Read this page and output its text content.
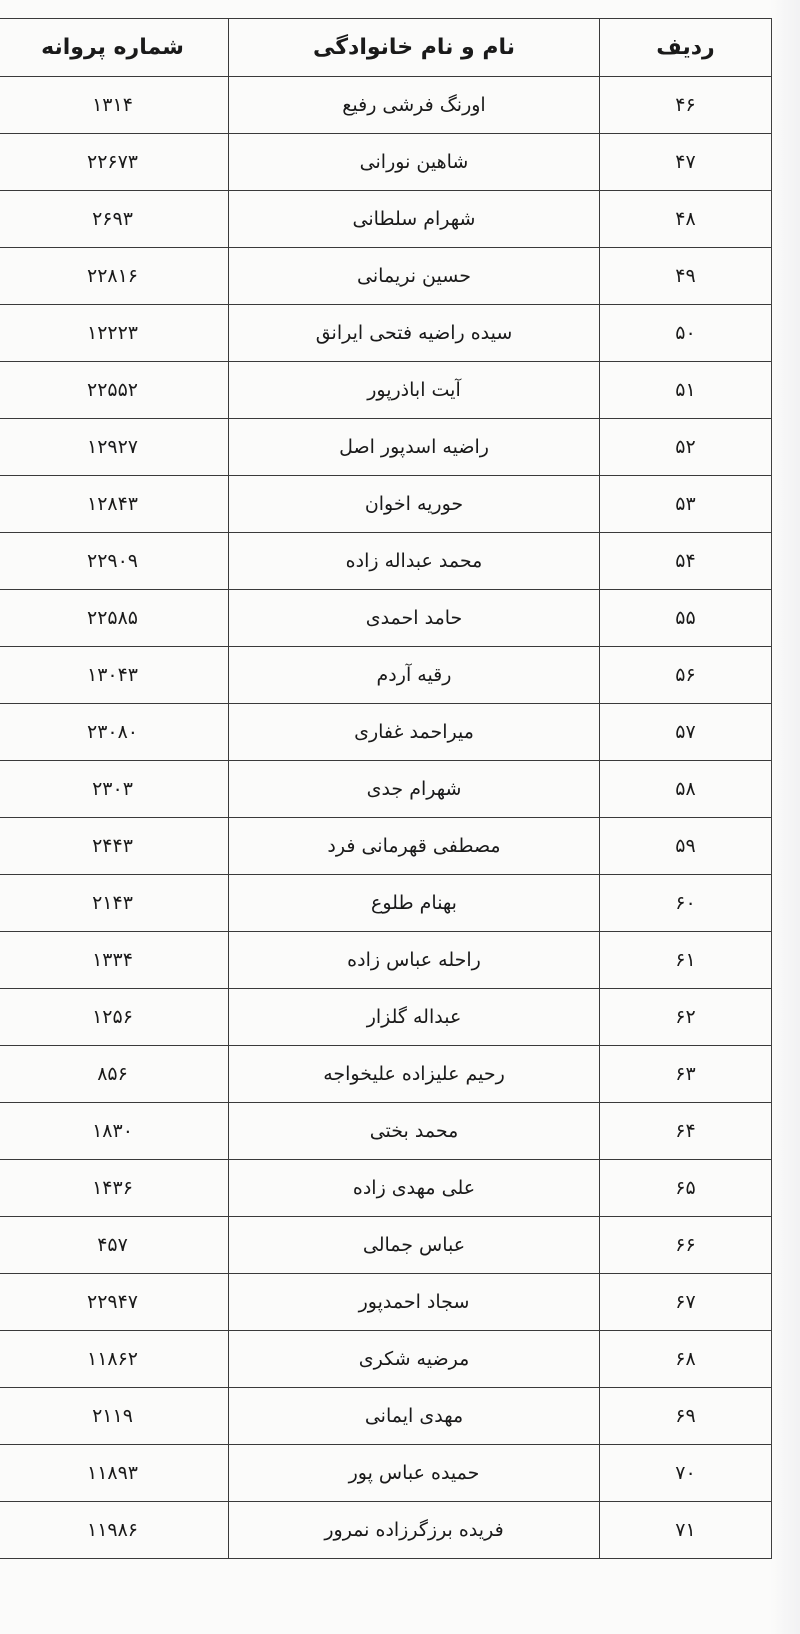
ردیف	نام و نام خانوادگی	شماره پروانه
۴۶	اورنگ فرشی رفیع	۱۳۱۴
۴۷	شاهین نورانی	۲۲۶۷۳
۴۸	شهرام سلطانی	۲۶۹۳
۴۹	حسین نریمانی	۲۲۸۱۶
۵۰	سیده راضیه فتحی ایرانق	۱۲۲۲۳
۵۱	آیت اباذرپور	۲۲۵۵۲
۵۲	راضیه اسدپور اصل	۱۲۹۲۷
۵۳	حوریه اخوان	۱۲۸۴۳
۵۴	محمد عبداله زاده	۲۲۹۰۹
۵۵	حامد احمدی	۲۲۵۸۵
۵۶	رقیه آردم	۱۳۰۴۳
۵۷	میراحمد غفاری	۲۳۰۸۰
۵۸	شهرام جدی	۲۳۰۳
۵۹	مصطفی قهرمانی فرد	۲۴۴۳
۶۰	بهنام طلوع	۲۱۴۳
۶۱	راحله عباس زاده	۱۳۳۴
۶۲	عبداله گلزار	۱۲۵۶
۶۳	رحیم علیزاده علیخواجه	۸۵۶
۶۴	محمد بختی	۱۸۳۰
۶۵	علی مهدی زاده	۱۴۳۶
۶۶	عباس جمالی	۴۵۷
۶۷	سجاد احمدپور	۲۲۹۴۷
۶۸	مرضیه شکری	۱۱۸۶۲
۶۹	مهدی ایمانی	۲۱۱۹
۷۰	حمیده عباس پور	۱۱۸۹۳
۷۱	فریده برزگرزاده نمرور	۱۱۹۸۶
